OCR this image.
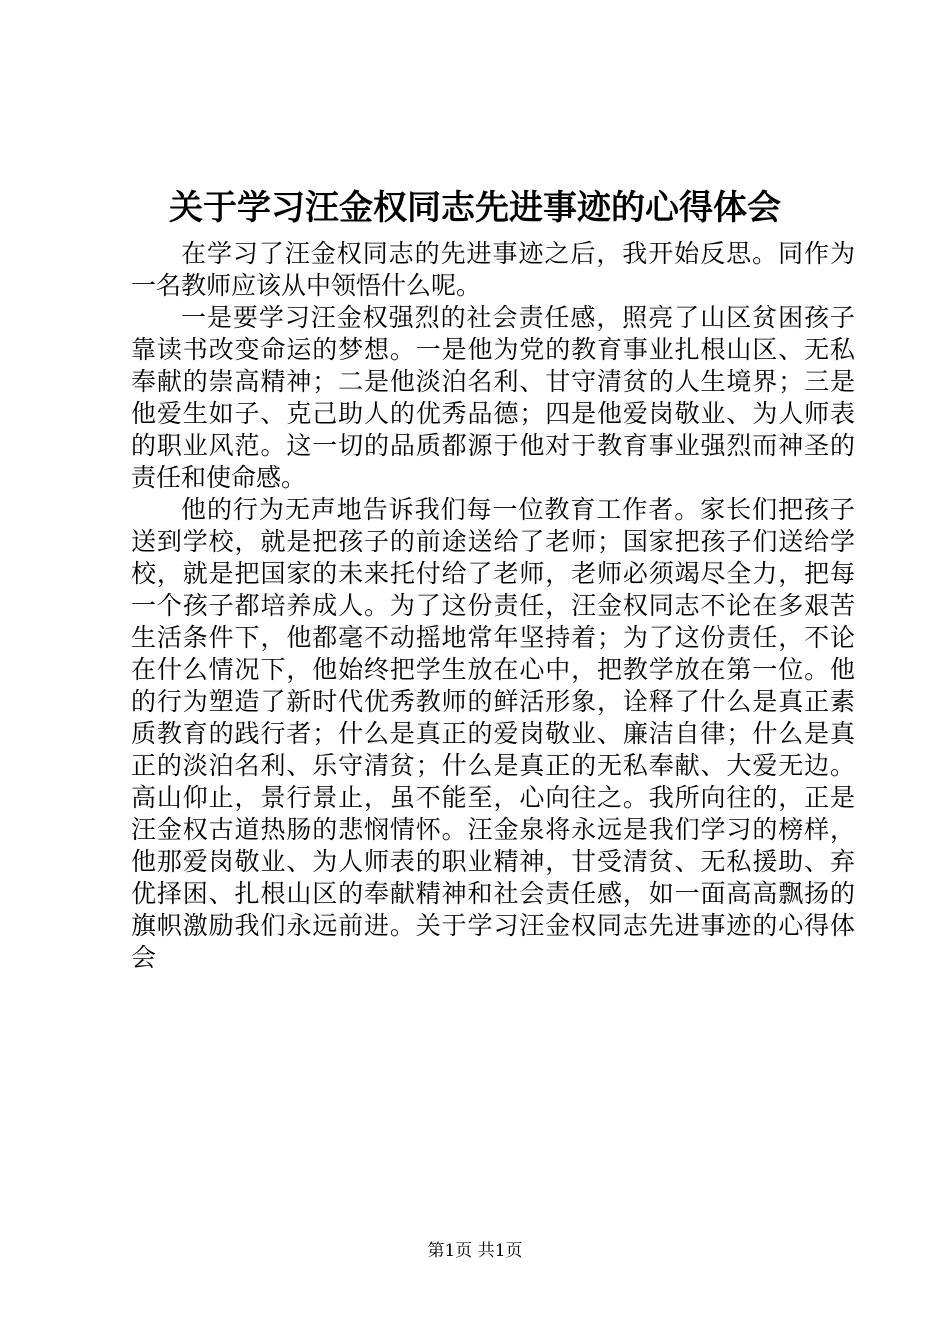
关于学习汪金权同志先进事迹的心得体会

在学习了汪金权同志的先进事迹之后，我开始反思。同作为一名教师应该从中领悟什么呢。

一是要学习汪金权强烈的社会责任感，照亮了山区贫困孩子靠读书改变命运的梦想。一是他为党的教育事业扎根山区、无私奉献的崇高精神；二是他淡泊名利、甘守清贫的人生境界；三是他爱生如子、克己助人的优秀品德；四是他爱岗敬业、为人师表的职业风范。这一切的品质都源于他对于教育事业强烈而神圣的责任和使命感。

他的行为无声地告诉我们每一位教育工作者。家长们把孩子送到学校，就是把孩子的前途送给了老师；国家把孩子们送给学校，就是把国家的未来托付给了老师，老师必须竭尽全力，把每一个孩子都培养成人。为了这份责任，汪金权同志不论在多艰苦生活条件下，他都毫不动摇地常年坚持着；为了这份责任，不论在什么情况下，他始终把学生放在心中，把教学放在第一位。他的行为塑造了新时代优秀教师的鲜活形象，诠释了什么是真正素质教育的践行者；什么是真正的爱岗敬业、廉洁自律；什么是真正的淡泊名利、乐守清贫；什么是真正的无私奉献、大爱无边。高山仰止，景行景止，虽不能至，心向往之。我所向往的，正是汪金权古道热肠的悲悯情怀。汪金泉将永远是我们学习的榜样，他那爱岗敬业、为人师表的职业精神，甘受清贫、无私援助、弃优择困、扎根山区的奉献精神和社会责任感，如一面高高飘扬的旗帜激励我们永远前进。关于学习汪金权同志先进事迹的心得体会

第1页 共1页
